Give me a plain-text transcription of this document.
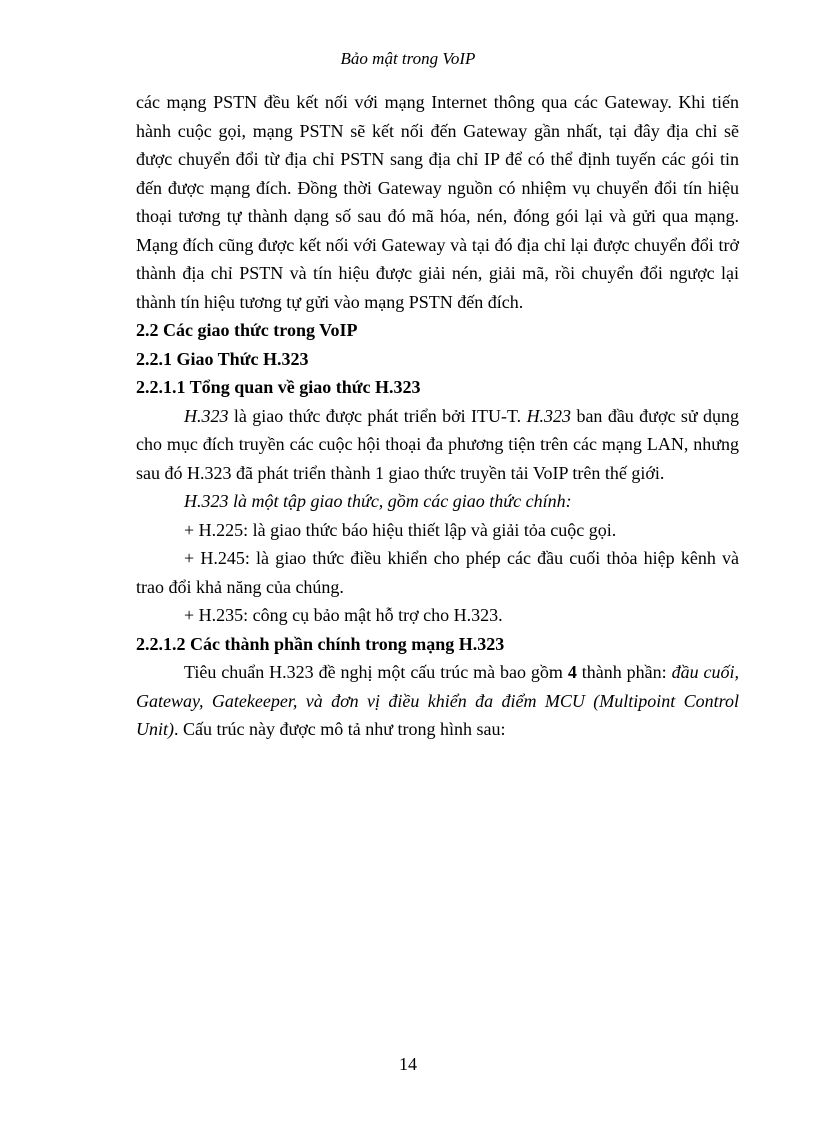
Bảo mật trong VoIP

các mạng PSTN đều kết nối với mạng Internet thông qua các Gateway. Khi tiến hành cuộc gọi, mạng PSTN sẽ kết nối đến Gateway gần nhất, tại đây địa chỉ sẽ được chuyển đổi từ địa chỉ PSTN sang địa chỉ IP để có thể định tuyến các gói tin đến được mạng đích. Đồng thời Gateway nguồn có nhiệm vụ chuyển đổi tín hiệu thoại tương tự thành dạng số sau đó mã hóa, nén, đóng gói lại và gửi qua mạng. Mạng đích cũng được kết nối với Gateway và tại đó địa chỉ lại được chuyển đổi trở thành địa chỉ PSTN và tín hiệu được giải nén, giải mã, rồi chuyển đổi ngược lại thành tín hiệu tương tự gửi vào mạng PSTN đến đích.

2.2 Các giao thức trong VoIP

2.2.1 Giao Thức H.323

2.2.1.1 Tổng quan về giao thức H.323

H.323 là giao thức được phát triển bởi ITU-T. H.323 ban đầu được sử dụng cho mục đích truyền các cuộc hội thoại đa phương tiện trên các mạng LAN, nhưng sau đó H.323 đã phát triển thành 1 giao thức truyền tải VoIP trên thế giới.

H.323 là một tập giao thức, gồm các giao thức chính:

+ H.225: là giao thức báo hiệu thiết lập và giải tỏa cuộc gọi.

+ H.245: là giao thức điều khiển cho phép các đầu cuối thỏa hiệp kênh và trao đổi khả năng của chúng.

+ H.235: công cụ bảo mật hỗ trợ cho H.323.

2.2.1.2 Các thành phần chính trong mạng H.323

Tiêu chuẩn H.323 đề nghị một cấu trúc mà bao gồm 4 thành phần: đầu cuối, Gateway, Gatekeeper, và đơn vị điều khiển đa điểm MCU (Multipoint Control Unit). Cấu trúc này được mô tả như trong hình sau:

14
